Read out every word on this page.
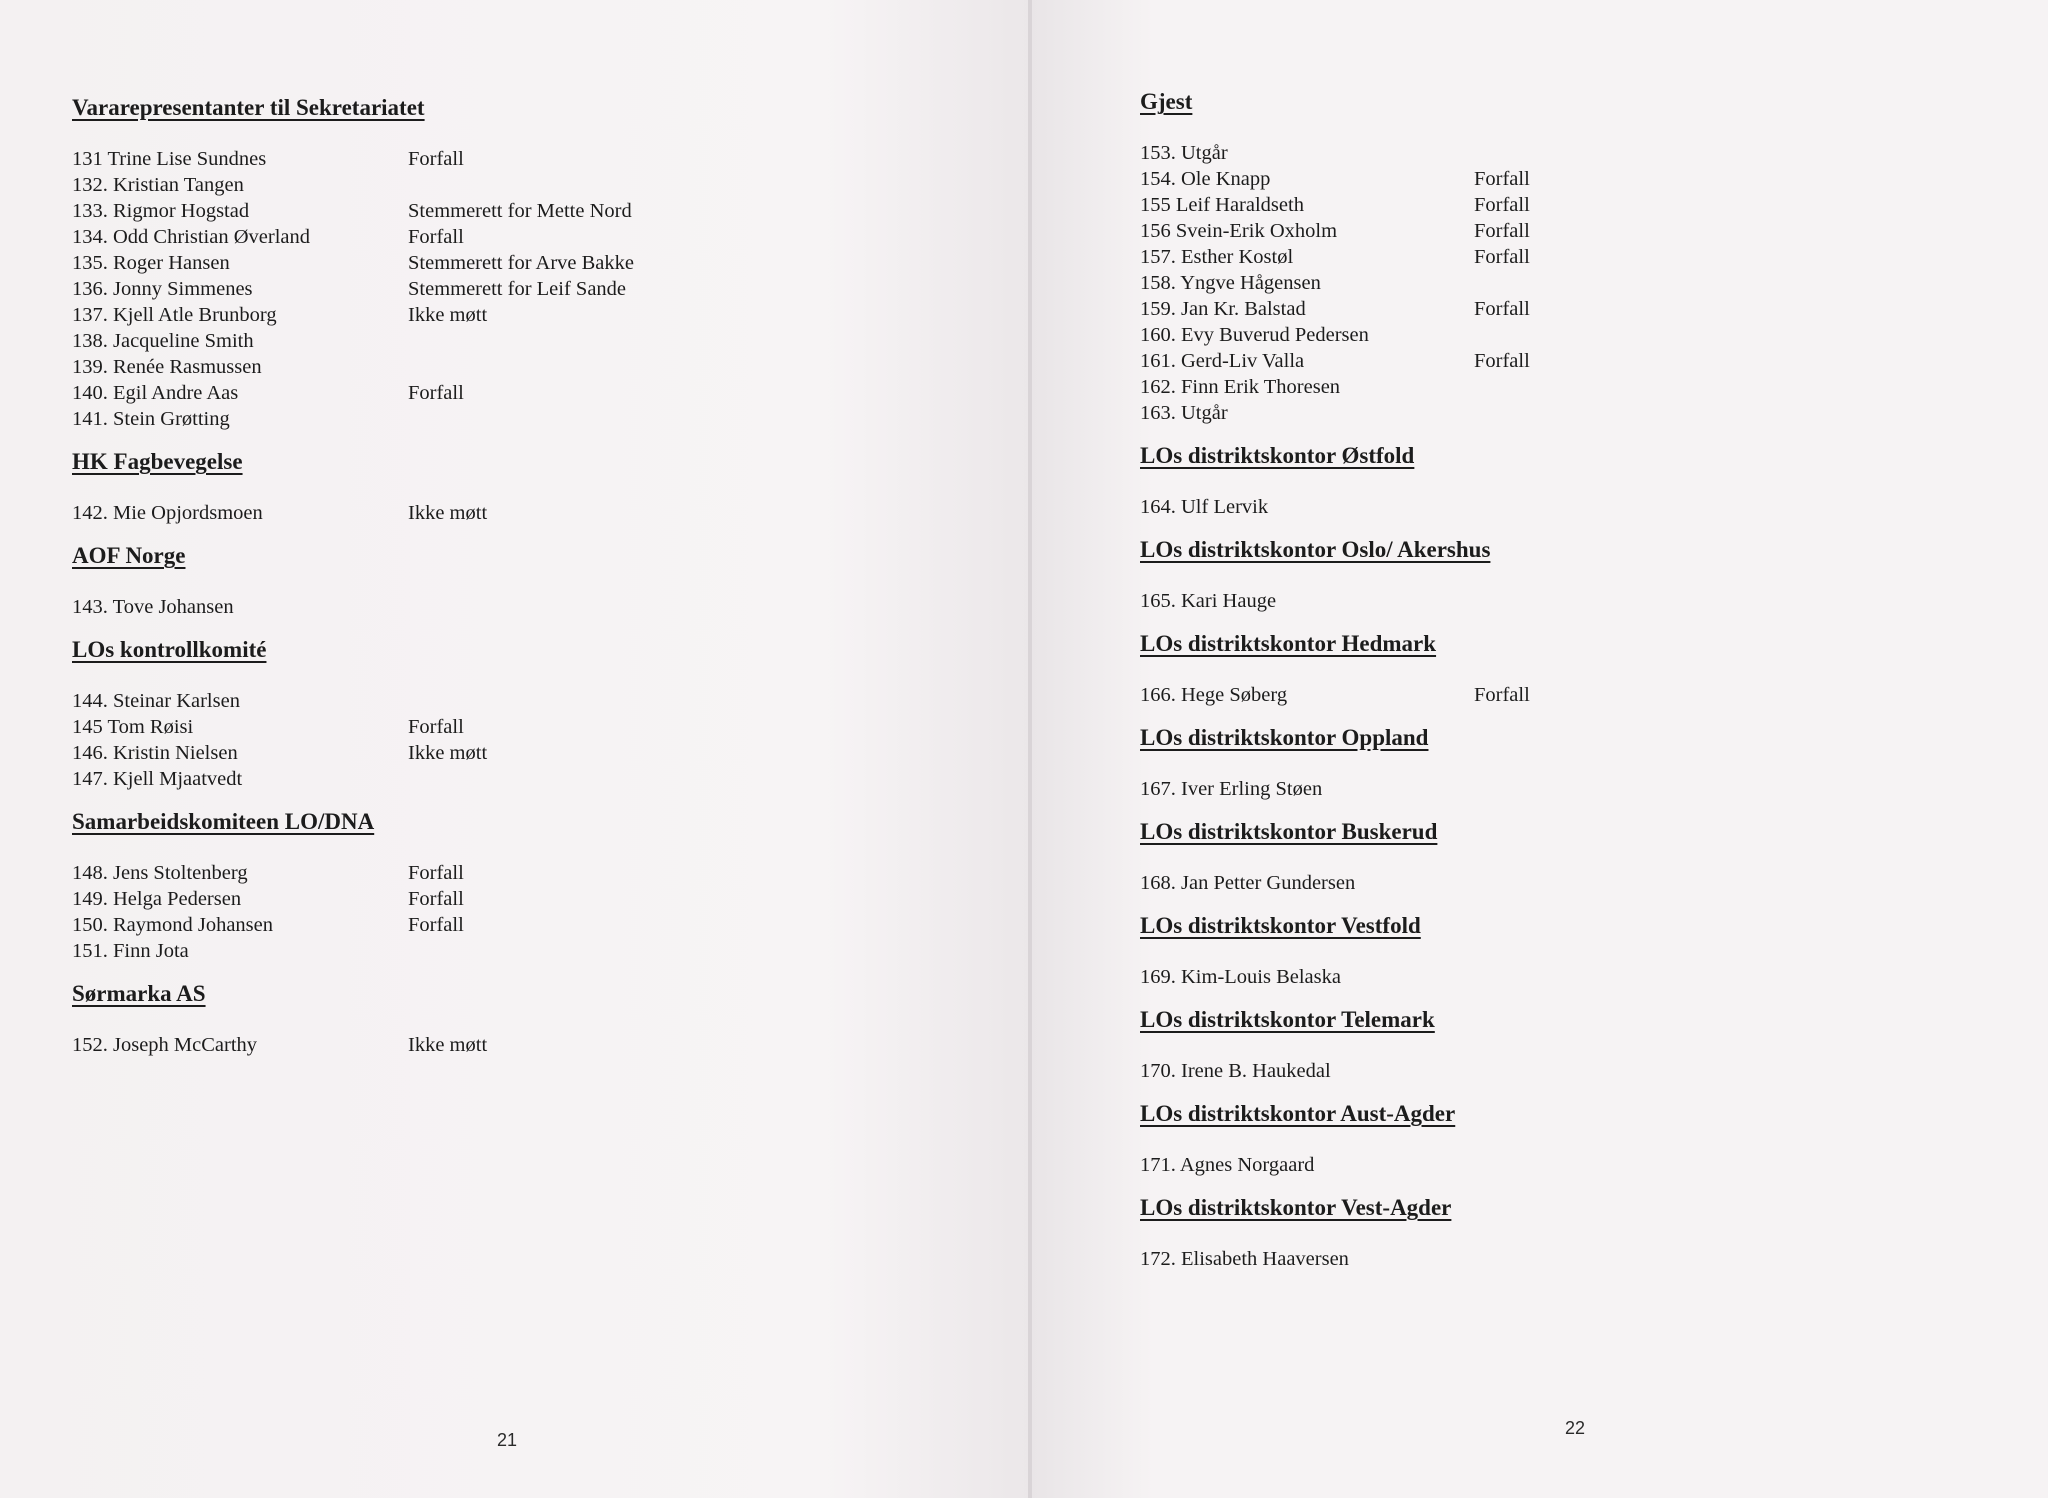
Vararepresentanter til Sekretariatet
131 Trine Lise Sundnes	Forfall
132. Kristian Tangen
133. Rigmor Hogstad	Stemmerett for Mette Nord
134. Odd Christian Øverland	Forfall
135. Roger Hansen	Stemmerett for Arve Bakke
136. Jonny Simmenes	Stemmerett for Leif Sande
137. Kjell Atle Brunborg	Ikke møtt
138. Jacqueline Smith
139. Renée Rasmussen
140. Egil Andre Aas	Forfall
141. Stein Grøtting
HK Fagbevegelse
142. Mie Opjordsmoen	Ikke møtt
AOF Norge
143. Tove Johansen
LOs kontrollkomité
144. Steinar Karlsen
145 Tom Røisi	Forfall
146. Kristin Nielsen	Ikke møtt
147. Kjell Mjaatvedt
Samarbeidskomiteen LO/DNA
148. Jens Stoltenberg	Forfall
149. Helga Pedersen	Forfall
150. Raymond Johansen	Forfall
151. Finn Jota
Sørmarka AS
152. Joseph McCarthy	Ikke møtt
Gjest
153. Utgår
154. Ole Knapp	Forfall
155 Leif Haraldseth	Forfall
156 Svein-Erik Oxholm	Forfall
157. Esther Kostøl	Forfall
158. Yngve Hågensen
159. Jan Kr. Balstad	Forfall
160. Evy Buverud Pedersen
161. Gerd-Liv Valla	Forfall
162. Finn Erik Thoresen
163. Utgår
LOs distriktskontor Østfold
164. Ulf Lervik
LOs distriktskontor Oslo/ Akershus
165. Kari Hauge
LOs distriktskontor Hedmark
166. Hege Søberg	Forfall
LOs distriktskontor Oppland
167. Iver Erling Støen
LOs distriktskontor Buskerud
168. Jan Petter Gundersen
LOs distriktskontor Vestfold
169. Kim-Louis Belaska
LOs distriktskontor Telemark
170. Irene B. Haukedal
LOs distriktskontor Aust-Agder
171. Agnes Norgaard
LOs distriktskontor Vest-Agder
172. Elisabeth Haaversen
21
22
